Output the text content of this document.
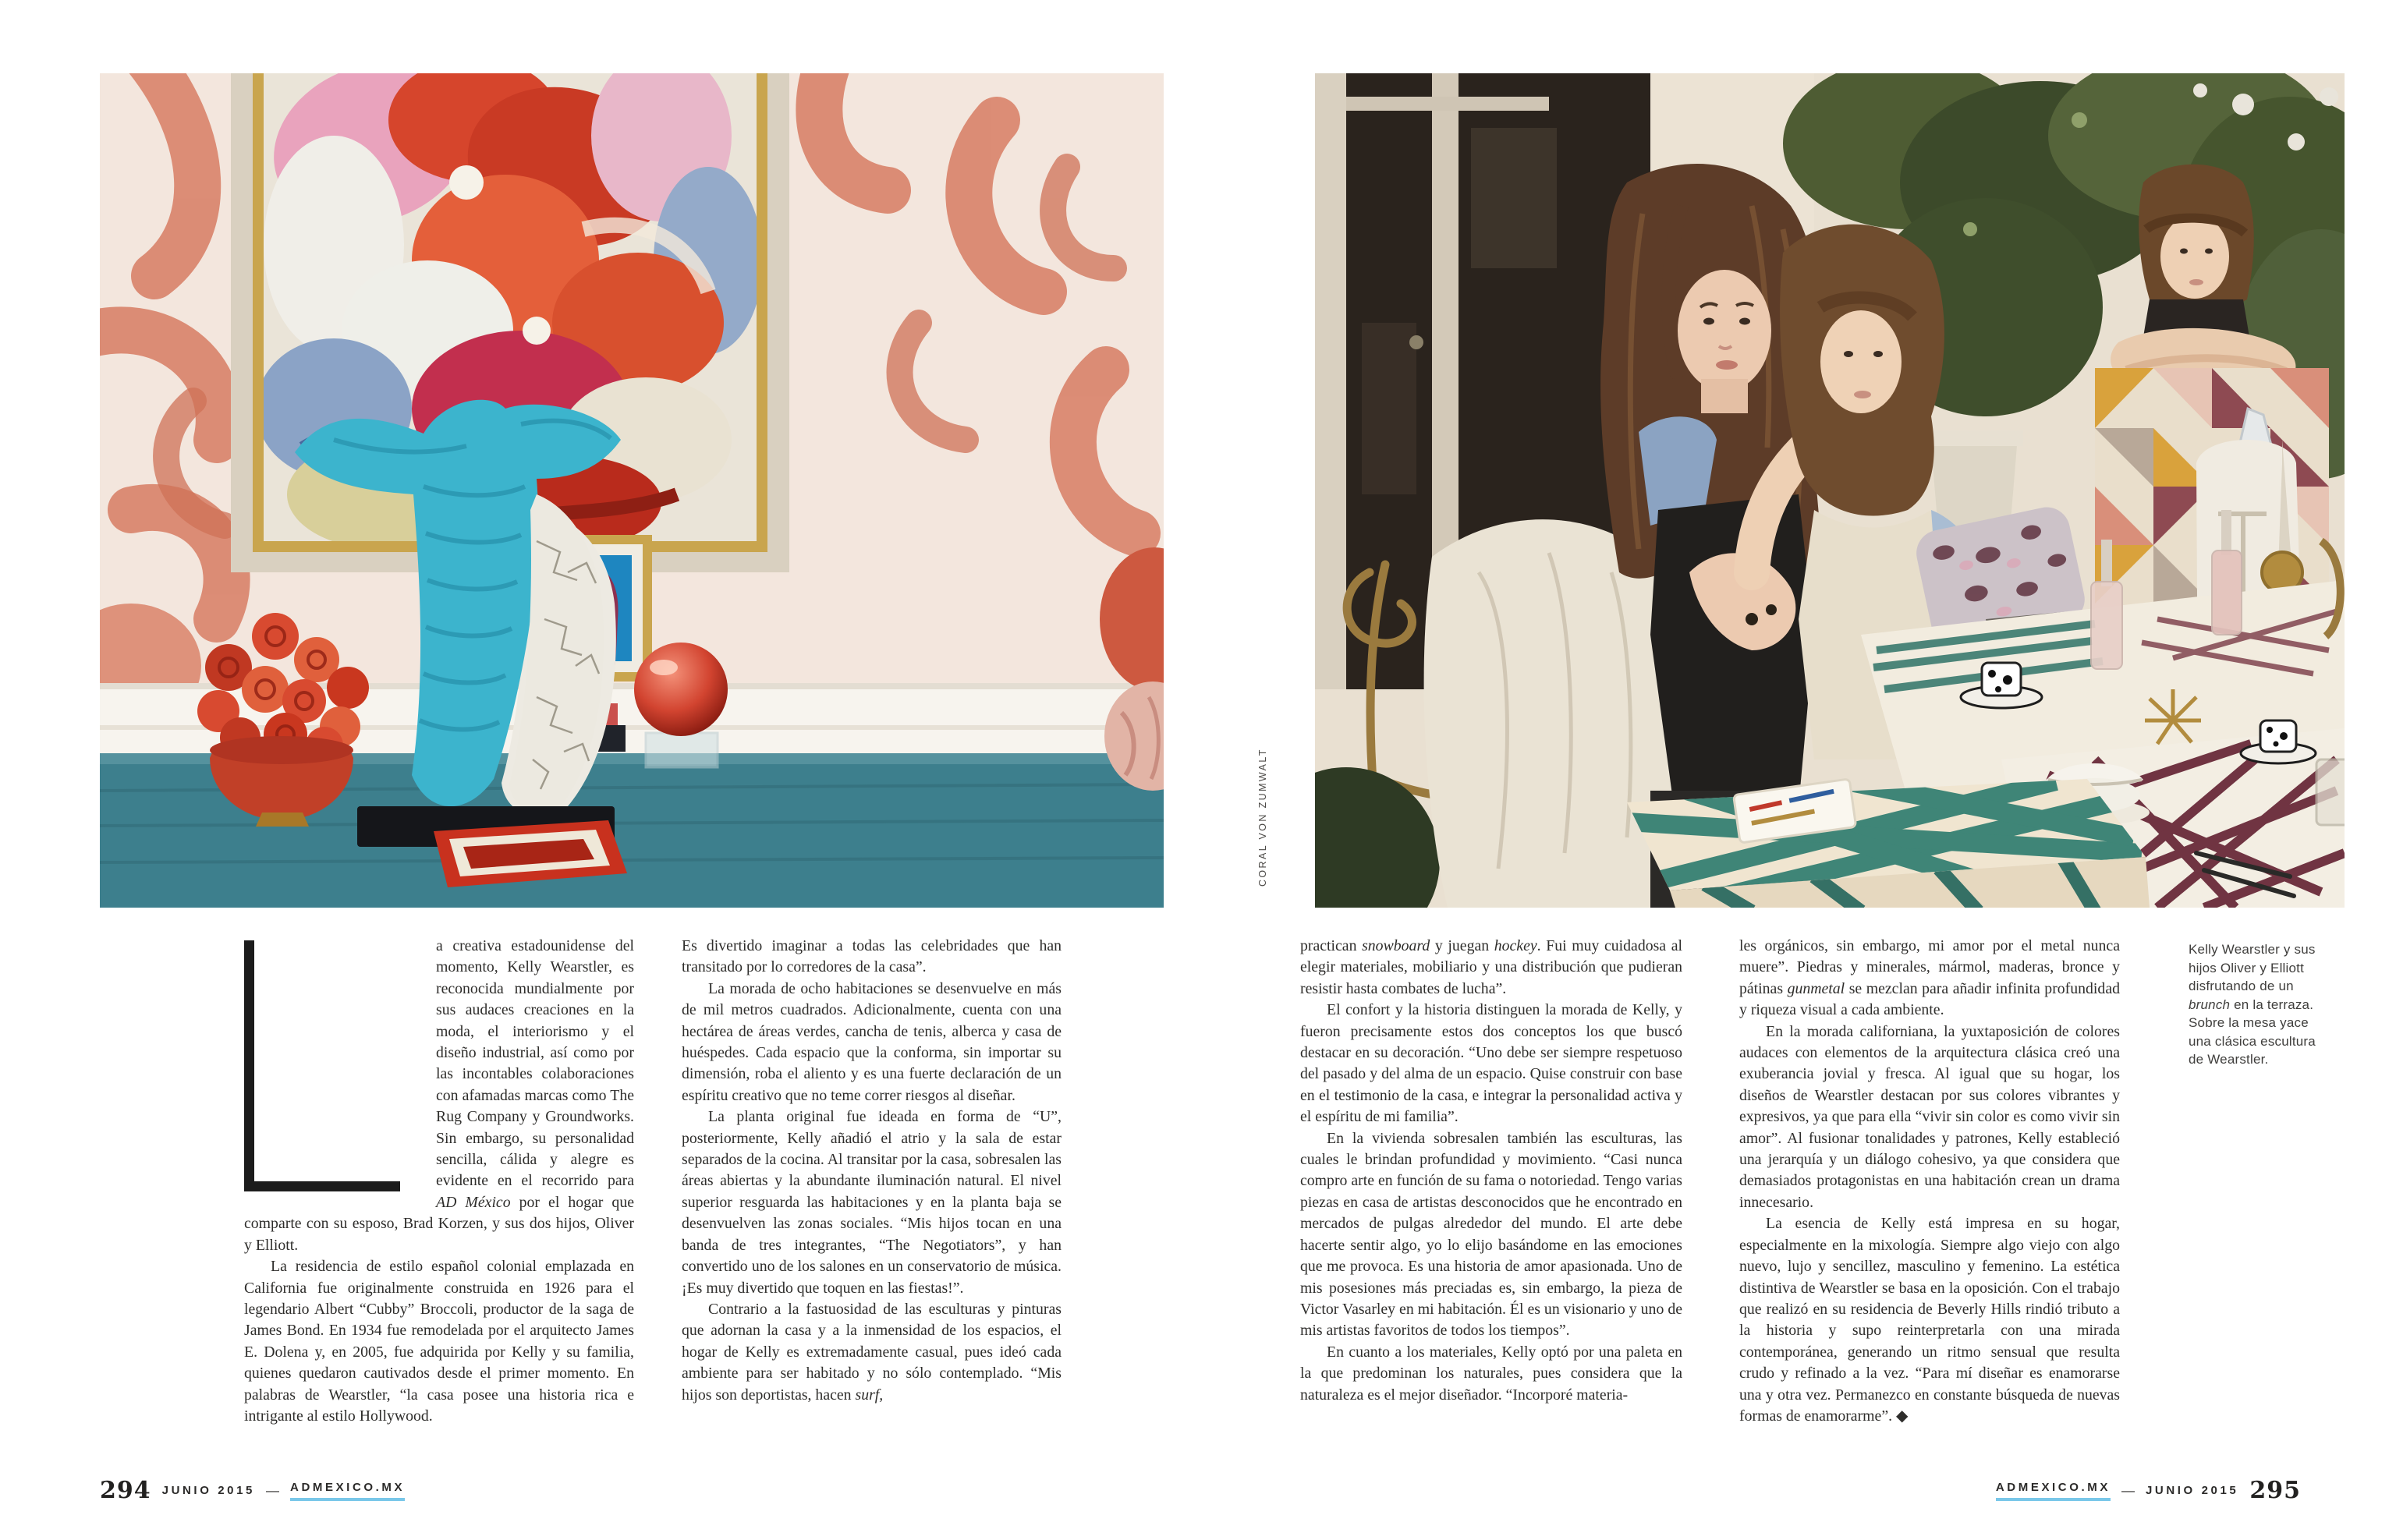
CORAL VON ZUMWALT

a creativa estadounidense del momento, Kelly Wearstler, es reconocida mundialmente por sus audaces creaciones en la moda, el interiorismo y el diseño industrial, así como por las incontables colaboraciones con afamadas marcas como The Rug Company y Groundworks. Sin embargo, su personalidad sencilla, cálida y alegre es evidente en el recorrido para AD México por el hogar que comparte con su esposo, Brad Korzen, y sus dos hijos, Oliver y Elliott.

La residencia de estilo español colonial emplazada en California fue originalmente construida en 1926 para el legendario Albert “Cubby” Broccoli, productor de la saga de James Bond. En 1934 fue remodelada por el arquitecto James E. Dolena y, en 2005, fue adquirida por Kelly y su familia, quienes quedaron cautivados desde el primer momento. En palabras de Wearstler, “la casa posee una historia rica e intrigante al estilo Hollywood.

Es divertido imaginar a todas las celebridades que han transitado por lo corredores de la casa”.

La morada de ocho habitaciones se desenvuelve en más de mil metros cuadrados. Adicionalmente, cuenta con una hectárea de áreas verdes, cancha de tenis, alberca y casa de huéspedes. Cada espacio que la conforma, sin importar su dimensión, roba el aliento y es una fuerte declaración de un espíritu creativo que no teme correr riesgos al diseñar.

La planta original fue ideada en forma de “U”, posteriormente, Kelly añadió el atrio y la sala de estar separados de la cocina. Al transitar por la casa, sobresalen las áreas abiertas y la abundante iluminación natural. El nivel superior resguarda las habitaciones y en la planta baja se desenvuelven las zonas sociales. “Mis hijos tocan en una banda de tres integrantes, “The Negotiators”, y han convertido uno de los salones en un conservatorio de música. ¡Es muy divertido que toquen en las fiestas!”.

Contrario a la fastuosidad de las esculturas y pinturas que adornan la casa y a la inmensidad de los espacios, el hogar de Kelly es extremadamente casual, pues ideó cada ambiente para ser habitado y no sólo contemplado. “Mis hijos son deportistas, hacen surf,

practican snowboard y juegan hockey. Fui muy cuidadosa al elegir materiales, mobiliario y una distribución que pudieran resistir hasta combates de lucha”.

El confort y la historia distinguen la morada de Kelly, y fueron precisamente estos dos conceptos los que buscó destacar en su decoración. “Uno debe ser siempre respetuoso del pasado y del alma de un espacio. Quise construir con base en el testimonio de la casa, e integrar la personalidad activa y el espíritu de mi familia”.

En la vivienda sobresalen también las esculturas, las cuales le brindan profundidad y movimiento. “Casi nunca compro arte en función de su fama o notoriedad. Tengo varias piezas en casa de artistas desconocidos que he encontrado en mercados de pulgas alrededor del mundo. El arte debe hacerte sentir algo, yo lo elijo basándome en las emociones que me provoca. Es una historia de amor apasionada. Uno de mis posesiones más preciadas es, sin embargo, la pieza de Victor Vasarley en mi habitación. Él es un visionario y uno de mis artistas favoritos de todos los tiempos”.

En cuanto a los materiales, Kelly optó por una paleta en la que predominan los naturales, pues considera que la naturaleza es el mejor diseñador. “Incorporé materia-

les orgánicos, sin embargo, mi amor por el metal nunca muere”. Piedras y minerales, mármol, maderas, bronce y pátinas gunmetal se mezclan para añadir infinita profundidad y riqueza visual a cada ambiente.

En la morada californiana, la yuxtaposición de colores audaces con elementos de la arquitectura clásica creó una exuberancia jovial y fresca. Al igual que su hogar, los diseños de Wearstler destacan por sus colores vibrantes y expresivos, ya que para ella “vivir sin color es como vivir sin amor”. Al fusionar tonalidades y patrones, Kelly estableció una jerarquía y un diálogo cohesivo, ya que considera que demasiados protagonistas en una habitación crean un drama innecesario.

La esencia de Kelly está impresa en su hogar, especialmente en la mixología. Siempre algo viejo con algo nuevo, lujo y sencillez, masculino y femenino. La estética distintiva de Wearstler se basa en la oposición. Con el trabajo que realizó en su residencia de Beverly Hills rindió tributo a la historia y supo reinterpretarla con una mirada contemporánea, generando un ritmo sensual que resulta crudo y refinado a la vez. “Para mí diseñar es enamorarse una y otra vez. Permanezco en constante búsqueda de nuevas formas de enamorarme”. ◆

Kelly Wearstler y sus hijos Oliver y Elliott disfrutando de un brunch en la terraza. Sobre la mesa yace una clásica escultura de Wearstler.
294 JUNIO 2015 — ADMEXICO.MX	ADMEXICO.MX — JUNIO 2015 295
